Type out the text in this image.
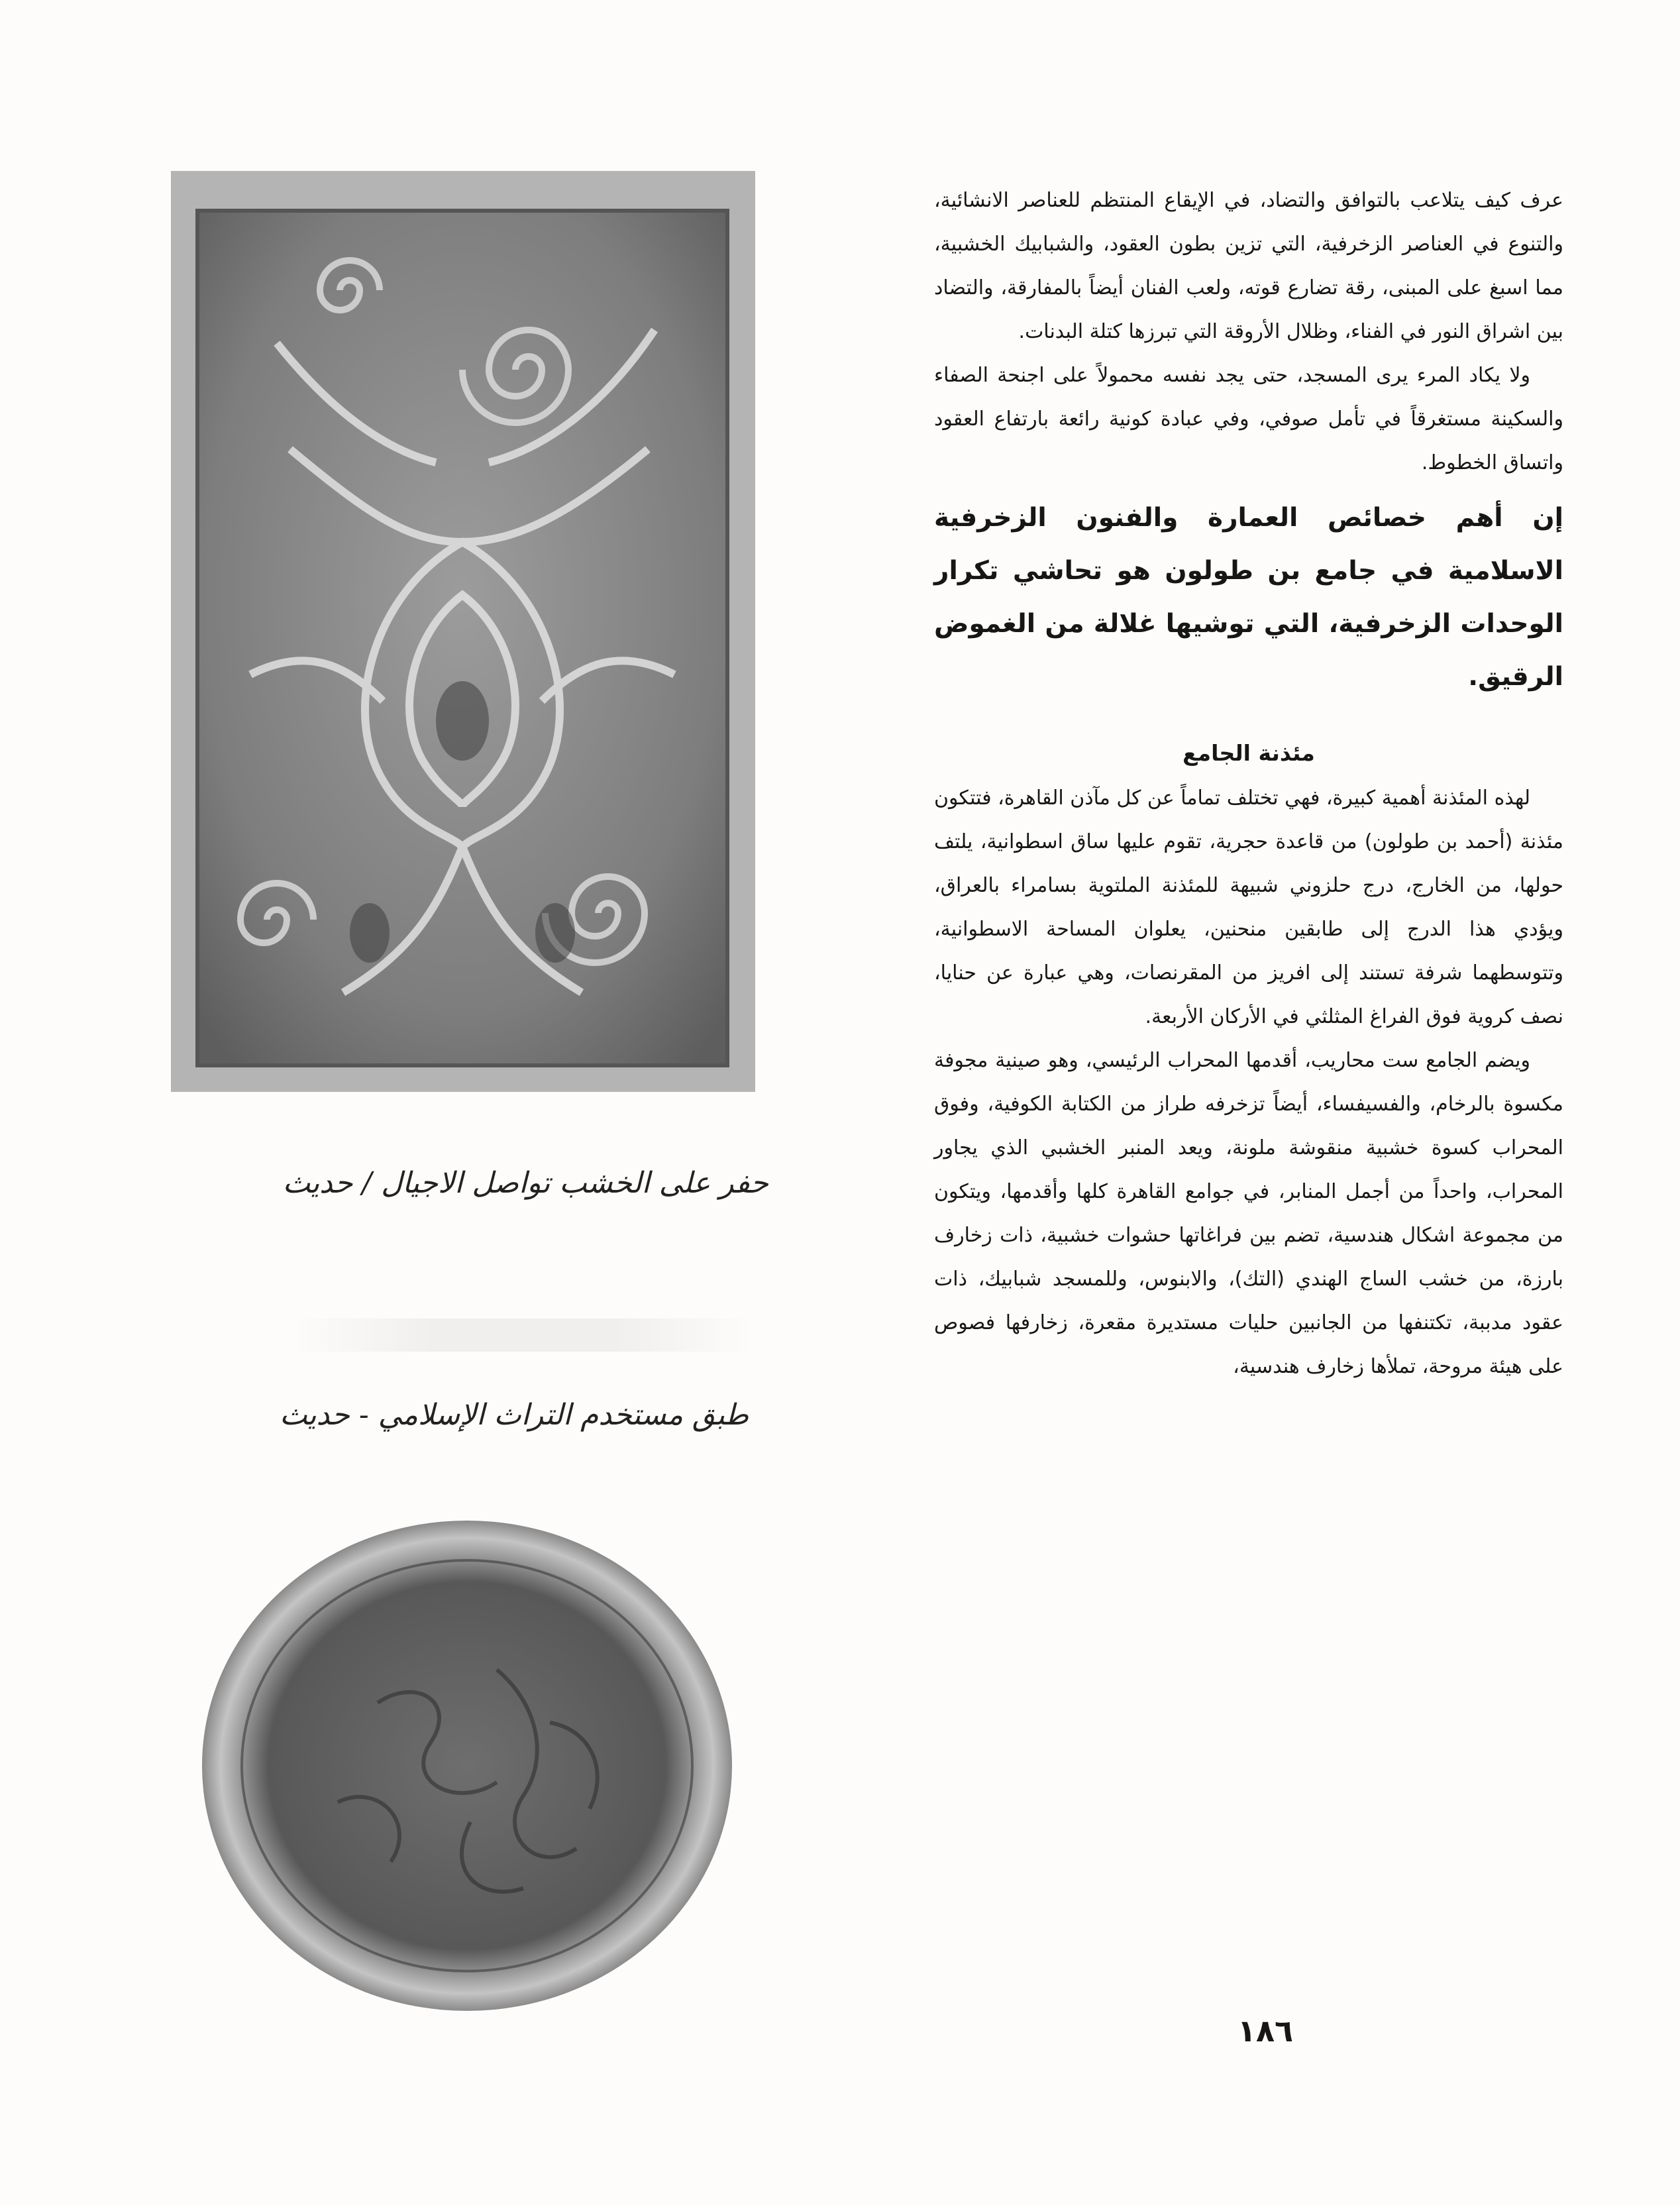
حفر على الخشب تواصل الاجيال / حديث
طبق مستخدم التراث الإسلامي - حديث

عرف كيف يتلاعب بالتوافق والتضاد، في الإيقاع المنتظم للعناصر الانشائية، والتنوع في العناصر الزخرفية، التي تزين بطون العقود، والشبابيك الخشبية، مما اسبغ على المبنى، رقة تضارع قوته، ولعب الفنان أيضاً بالمفارقة، والتضاد بين اشراق النور في الفناء، وظلال الأروقة التي تبرزها كتلة البدنات.

ولا يكاد المرء يرى المسجد، حتى يجد نفسه محمولاً على اجنحة الصفاء والسكينة مستغرقاً في تأمل صوفي، وفي عبادة كونية رائعة بارتفاع العقود واتساق الخطوط.

إن أهم خصائص العمارة والفنون الزخرفية الاسلامية في جامع بن طولون هو تحاشي تكرار الوحدات الزخرفية، التي توشيها غلالة من الغموض الرقيق.

مئذنة الجامع

لهذه المئذنة أهمية كبيرة، فهي تختلف تماماً عن كل مآذن القاهرة، فتتكون مئذنة (أحمد بن طولون) من قاعدة حجرية، تقوم عليها ساق اسطوانية، يلتف حولها، من الخارج، درج حلزوني شبيهة للمئذنة الملتوية بسامراء بالعراق، ويؤدي هذا الدرج إلى طابقين منحنين، يعلوان المساحة الاسطوانية، وتتوسطهما شرفة تستند إلى افريز من المقرنصات، وهي عبارة عن حنايا، نصف كروية فوق الفراغ المثلثي في الأركان الأربعة.

ويضم الجامع ست محاريب، أقدمها المحراب الرئيسي، وهو صينية مجوفة مكسوة بالرخام، والفسيفساء، أيضاً تزخرفه طراز من الكتابة الكوفية، وفوق المحراب كسوة خشبية منقوشة ملونة، ويعد المنبر الخشبي الذي يجاور المحراب، واحداً من أجمل المنابر، في جوامع القاهرة كلها وأقدمها، ويتكون من مجموعة اشكال هندسية، تضم بين فراغاتها حشوات خشبية، ذات زخارف بارزة، من خشب الساج الهندي (التك)، والابنوس، وللمسجد شبابيك، ذات عقود مدببة، تكتنفها من الجانبين حليات مستديرة مقعرة، زخارفها فصوص على هيئة مروحة، تملأها زخارف هندسية،

١٨٦
